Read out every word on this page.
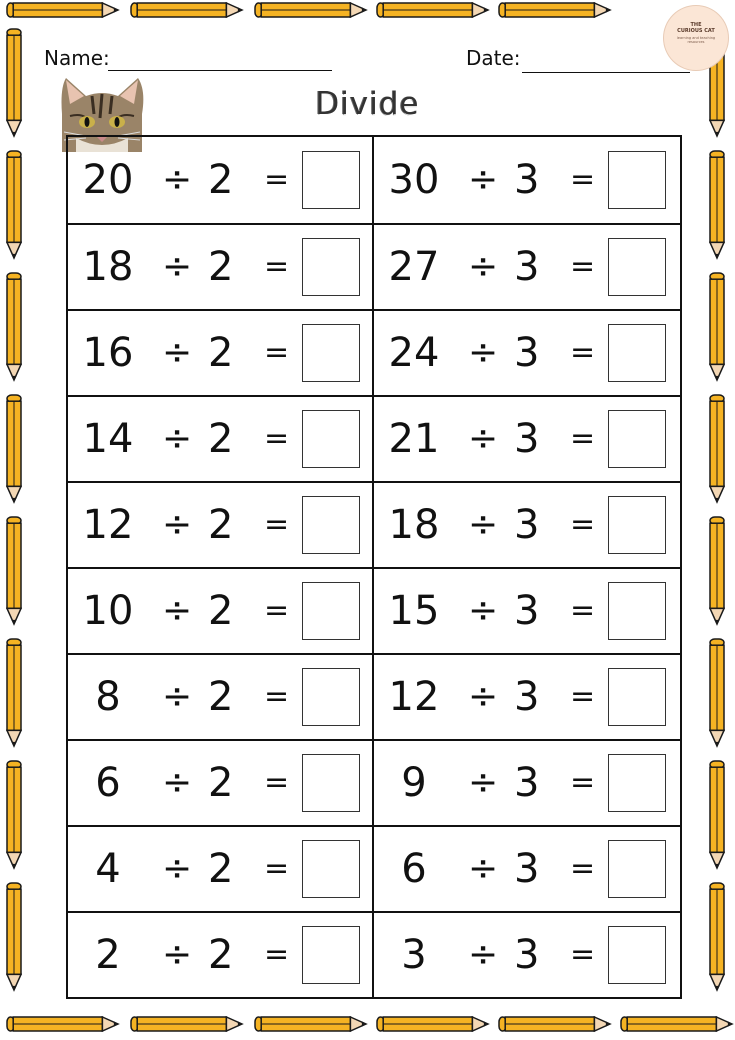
Name:	Date:
THE
CURIOUS CAT
learning and teaching resources
Divide
20 ÷ 2 = 30 ÷ 3 =
18 ÷ 2 = 27 ÷ 3 =
16 ÷ 2 = 24 ÷ 3 =
14 ÷ 2 = 21 ÷ 3 =
12 ÷ 2 = 18 ÷ 3 =
10 ÷ 2 = 15 ÷ 3 =
8	÷ 2 = 12 ÷ 3 =
6	÷ 2 =	9	÷ 3 =
4	÷ 2 =	6	÷ 3 =
2	÷ 2 =	3	÷ 3 =
